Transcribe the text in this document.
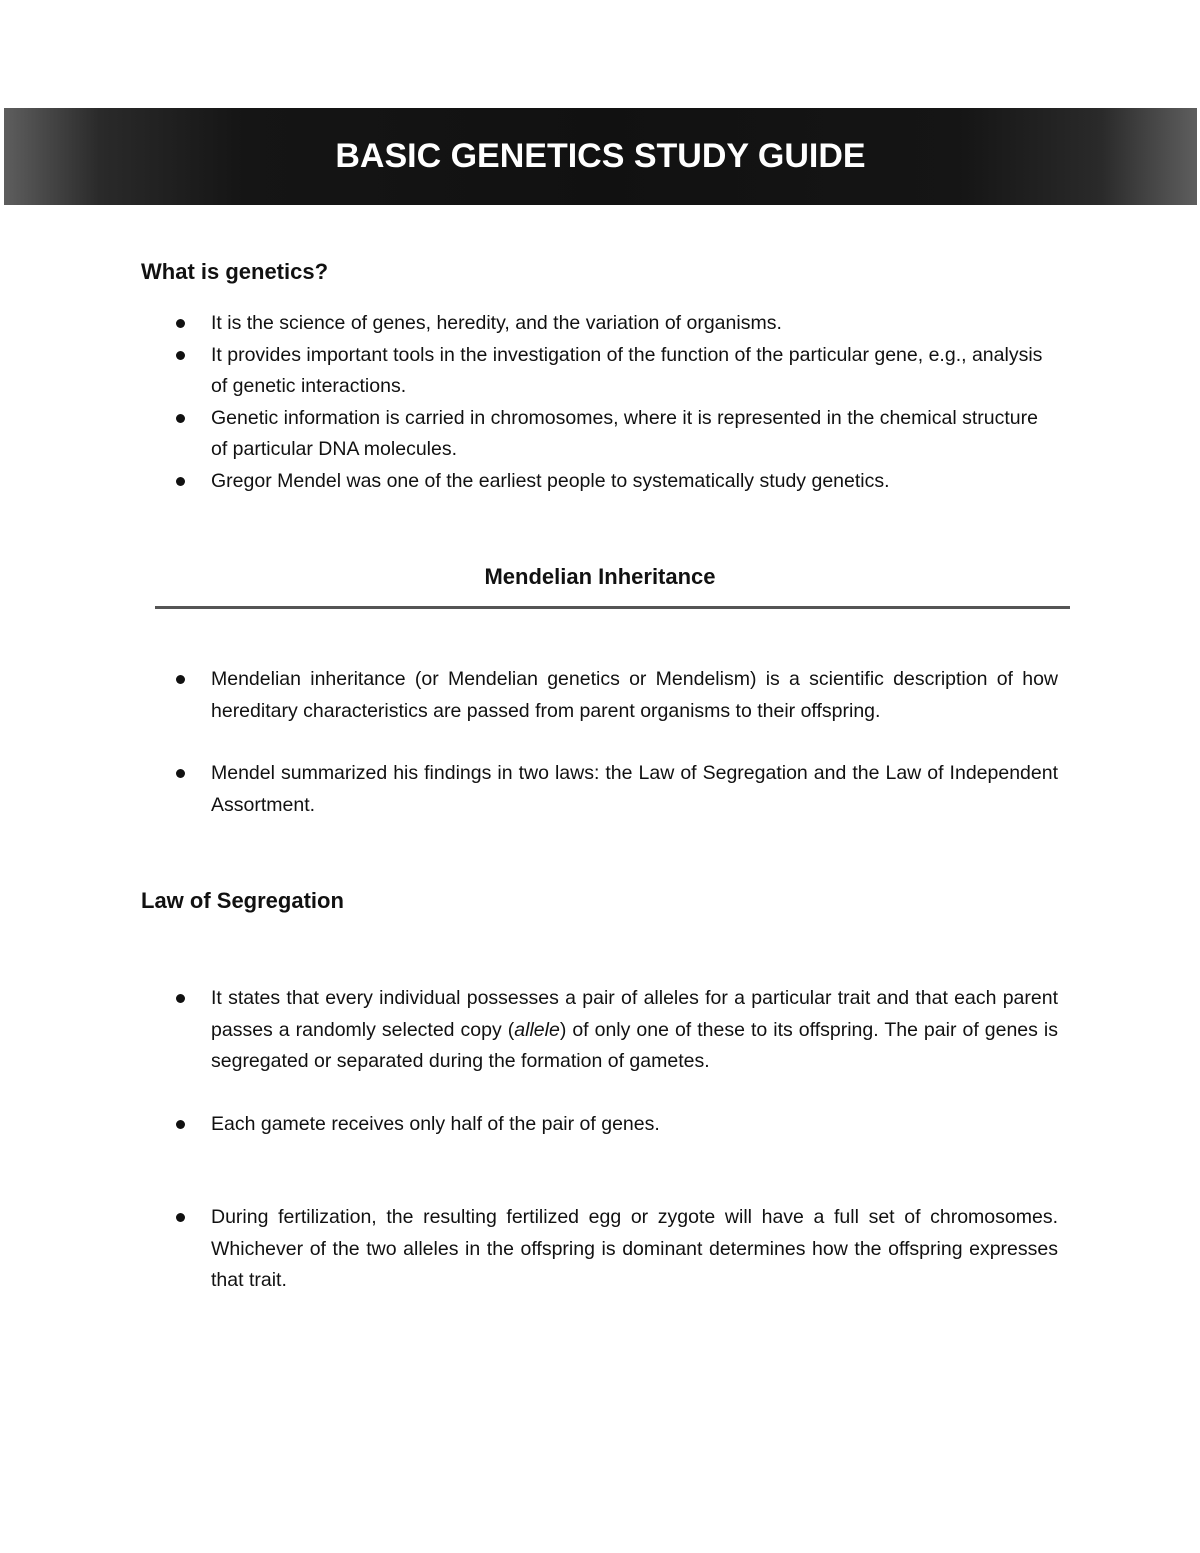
BASIC GENETICS STUDY GUIDE
What is genetics?
It is the science of genes, heredity, and the variation of organisms.
It provides important tools in the investigation of the function of the particular gene, e.g., analysis of genetic interactions.
Genetic information is carried in chromosomes, where it is represented in the chemical structure of particular DNA molecules.
Gregor Mendel was one of the earliest people to systematically study genetics.
Mendelian Inheritance
Mendelian inheritance (or Mendelian genetics or Mendelism) is a scientific description of how hereditary characteristics are passed from parent organisms to their offspring.
Mendel summarized his findings in two laws: the Law of Segregation and the Law of Independent Assortment.
Law of Segregation
It states that every individual possesses a pair of alleles for a particular trait and that each parent passes a randomly selected copy (allele) of only one of these to its offspring. The pair of genes is segregated or separated during the formation of gametes.
Each gamete receives only half of the pair of genes.
During fertilization, the resulting fertilized egg or zygote will have a full set of chromosomes. Whichever of the two alleles in the offspring is dominant determines how the offspring expresses that trait.
